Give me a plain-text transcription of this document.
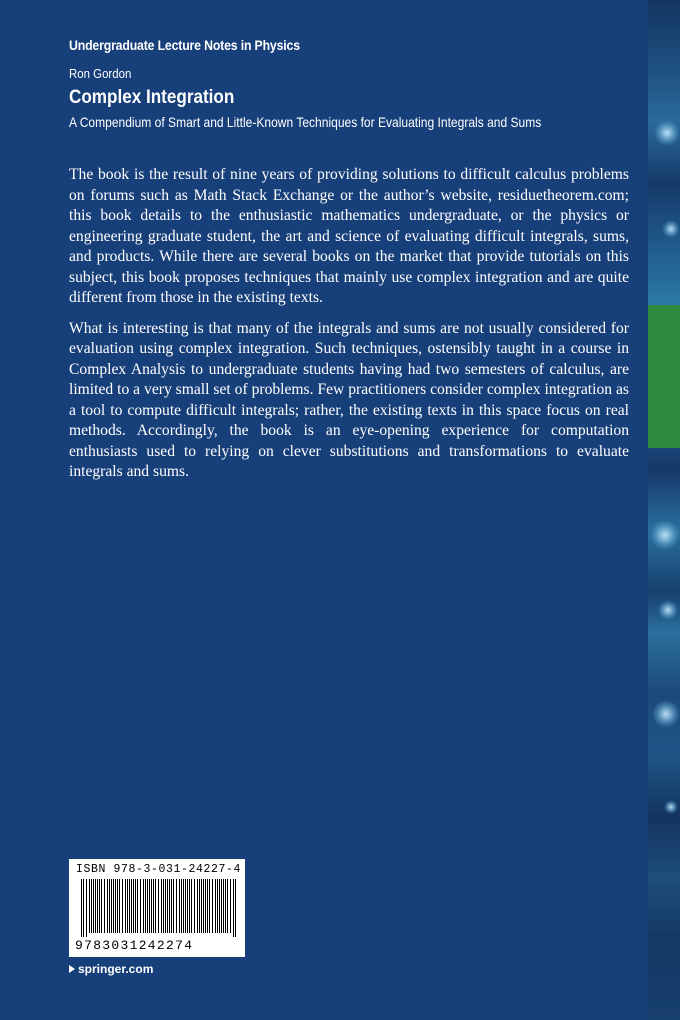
Undergraduate Lecture Notes in Physics
Ron Gordon
Complex Integration
A Compendium of Smart and Little-Known Techniques for Evaluating Integrals and Sums

The book is the result of nine years of providing solutions to difficult calculus problems on forums such as Math Stack Exchange or the author’s website, residuetheorem.com; this book details to the enthusiastic mathematics undergraduate, or the physics or engineering graduate student, the art and science of evaluating difficult integrals, sums, and products. While there are several books on the market that provide tutorials on this subject, this book proposes techniques that mainly use complex integration and are quite different from those in the existing texts.

What is interesting is that many of the integrals and sums are not usually considered for evaluation using complex integration. Such techniques, ostensibly taught in a course in Complex Analysis to undergraduate students having had two semesters of calculus, are limited to a very small set of problems. Few practitioners consider complex integration as a tool to compute difficult integrals; rather, the existing texts in this space focus on real methods. Accordingly, the book is an eye-opening experience for computation enthusiasts used to relying on clever substitutions and transformations to evaluate integrals and sums.

ISBN 978-3-031-24227-4
9783031242274
springer.com
